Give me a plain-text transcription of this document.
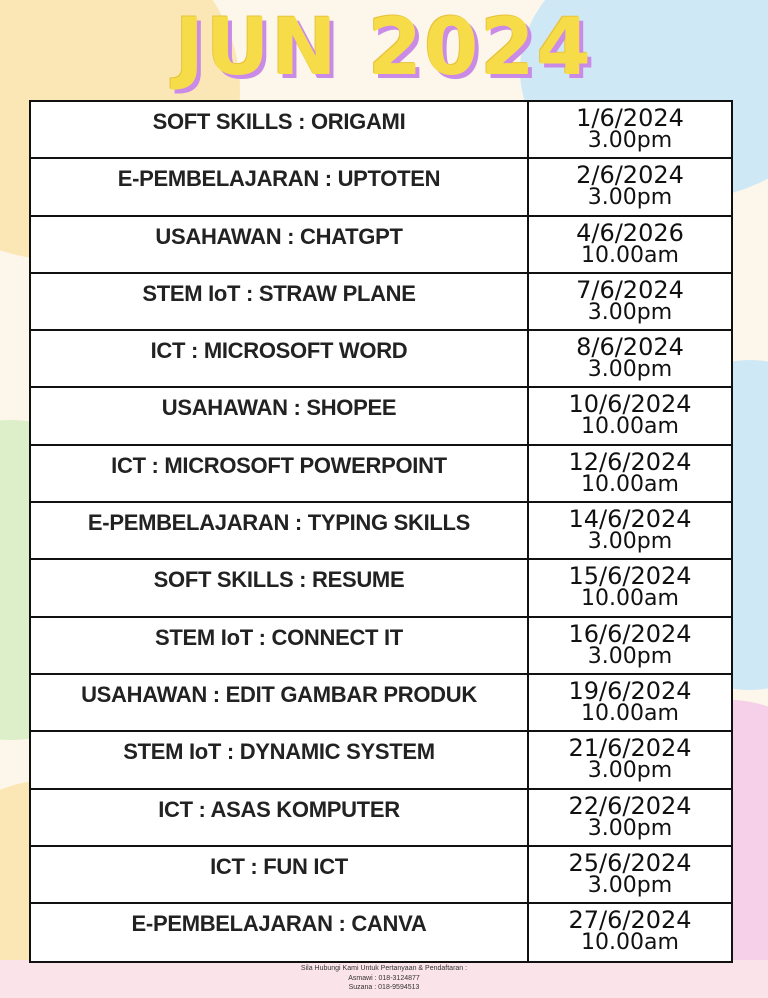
JUN 2024
SOFT SKILLS : ORIGAMI	1/6/2024
3.00pm
E-PEMBELAJARAN : UPTOTEN	2/6/2024
3.00pm
USAHAWAN : CHATGPT	4/6/2026
10.00am
STEM IoT : STRAW PLANE	7/6/2024
3.00pm
ICT : MICROSOFT WORD	8/6/2024
3.00pm
USAHAWAN : SHOPEE	10/6/2024
10.00am
ICT : MICROSOFT POWERPOINT	12/6/2024
10.00am
E-PEMBELAJARAN : TYPING SKILLS	14/6/2024
3.00pm
SOFT SKILLS : RESUME	15/6/2024
10.00am
STEM IoT : CONNECT IT	16/6/2024
3.00pm
USAHAWAN : EDIT GAMBAR PRODUK	19/6/2024
10.00am
STEM IoT : DYNAMIC SYSTEM	21/6/2024
3.00pm
ICT : ASAS KOMPUTER	22/6/2024
3.00pm
ICT : FUN ICT	25/6/2024
3.00pm
E-PEMBELAJARAN : CANVA	27/6/2024
10.00am
Sila Hubungi Kami Untuk Pertanyaan & Pendaftaran :
Asmawi : 018-3124877
Suzana : 018-9594513
